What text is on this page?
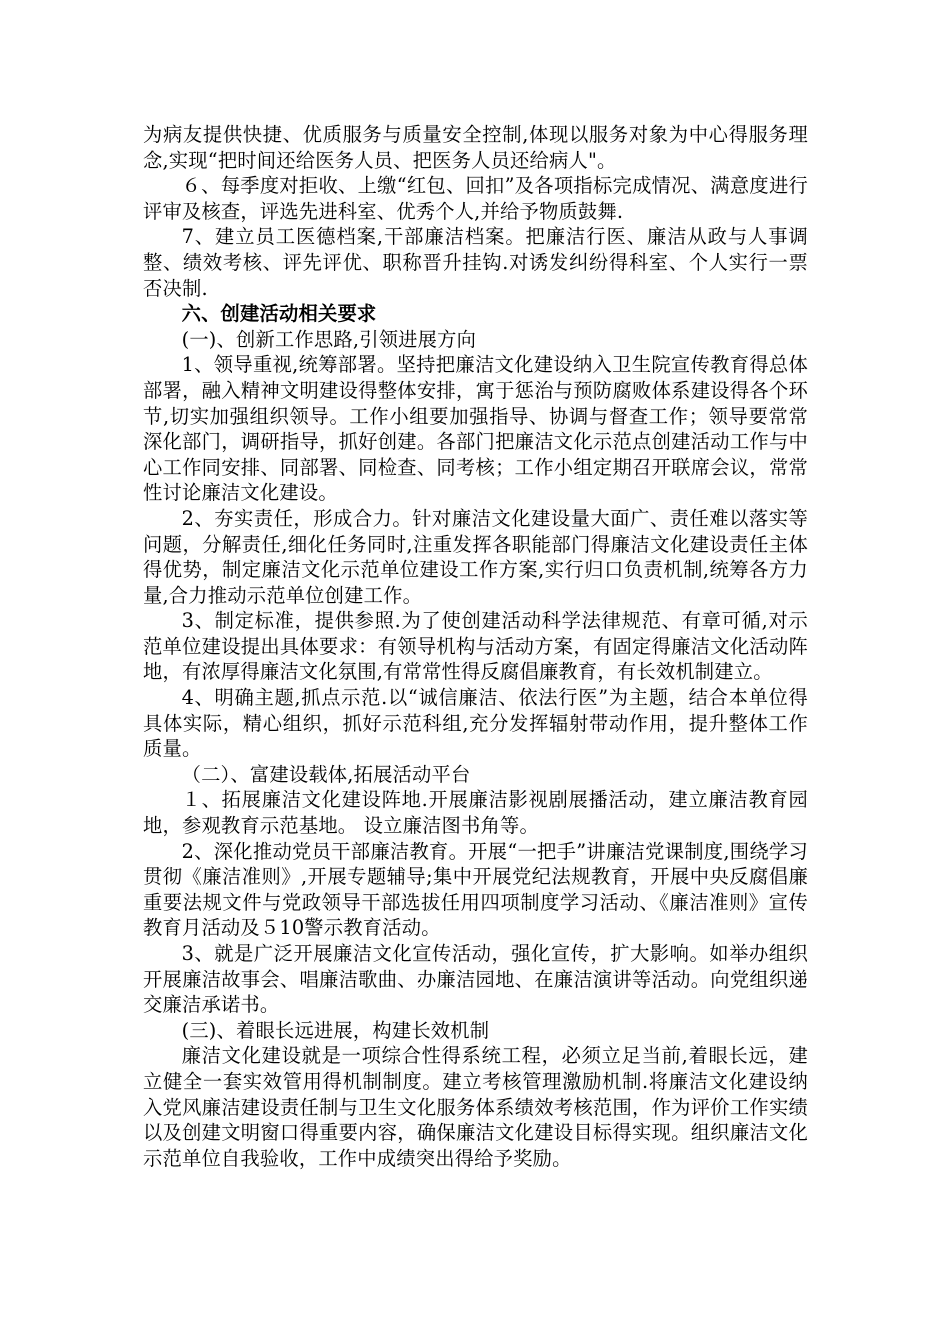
为病友提供快捷、优质服务与质量安全控制,体现以服务对象为中心得服务理念,实现“把时间还给医务人员、把医务人员还给病人"。

６、每季度对拒收、上缴“红包、回扣”及各项指标完成情况、满意度进行评审及核查，评选先进科室、优秀个人,并给予物质鼓舞.

7、建立员工医德档案,干部廉洁档案。把廉洁行医、廉洁从政与人事调整、绩效考核、评先评优、职称晋升挂钩.对诱发纠纷得科室、个人实行一票否决制.

六、创建活动相关要求

(一)、创新工作思路,引领进展方向

1、领导重视,统筹部署。坚持把廉洁文化建设纳入卫生院宣传教育得总体部署，融入精神文明建设得整体安排，寓于惩治与预防腐败体系建设得各个环节,切实加强组织领导。工作小组要加强指导、协调与督查工作；领导要常常深化部门，调研指导，抓好创建。各部门把廉洁文化示范点创建活动工作与中心工作同安排、同部署、同检查、同考核；工作小组定期召开联席会议，常常性讨论廉洁文化建设。

2、夯实责任，形成合力。针对廉洁文化建设量大面广、责任难以落实等问题，分解责任,细化任务同时,注重发挥各职能部门得廉洁文化建设责任主体得优势，制定廉洁文化示范单位建设工作方案,实行归口负责机制,统筹各方力量,合力推动示范单位创建工作。

3、制定标准，提供参照.为了使创建活动科学法律规范、有章可循,对示范单位建设提出具体要求：有领导机构与活动方案，有固定得廉洁文化活动阵地，有浓厚得廉洁文化氛围,有常常性得反腐倡廉教育，有长效机制建立。

4、明确主题,抓点示范.以“诚信廉洁、依法行医”为主题，结合本单位得具体实际，精心组织，抓好示范科组,充分发挥辐射带动作用，提升整体工作质量。

（二）、富建设载体,拓展活动平台

１、拓展廉洁文化建设阵地.开展廉洁影视剧展播活动，建立廉洁教育园地，参观教育示范基地。 设立廉洁图书角等。

2、深化推动党员干部廉洁教育。开展“一把手”讲廉洁党课制度,围绕学习贯彻《廉洁准则》,开展专题辅导;集中开展党纪法规教育，开展中央反腐倡廉重要法规文件与党政领导干部选拔任用四项制度学习活动、《廉洁准则》宣传教育月活动及５10警示教育活动。

3、就是广泛开展廉洁文化宣传活动，强化宣传，扩大影响。如举办组织开展廉洁故事会、唱廉洁歌曲、办廉洁园地、在廉洁演讲等活动。向党组织递交廉洁承诺书。

(三)、着眼长远进展，构建长效机制

廉洁文化建设就是一项综合性得系统工程，必须立足当前,着眼长远，建立健全一套实效管用得机制制度。建立考核管理激励机制.将廉洁文化建设纳入党风廉洁建设责任制与卫生文化服务体系绩效考核范围，作为评价工作实绩以及创建文明窗口得重要内容，确保廉洁文化建设目标得实现。组织廉洁文化示范单位自我验收，工作中成绩突出得给予奖励。
